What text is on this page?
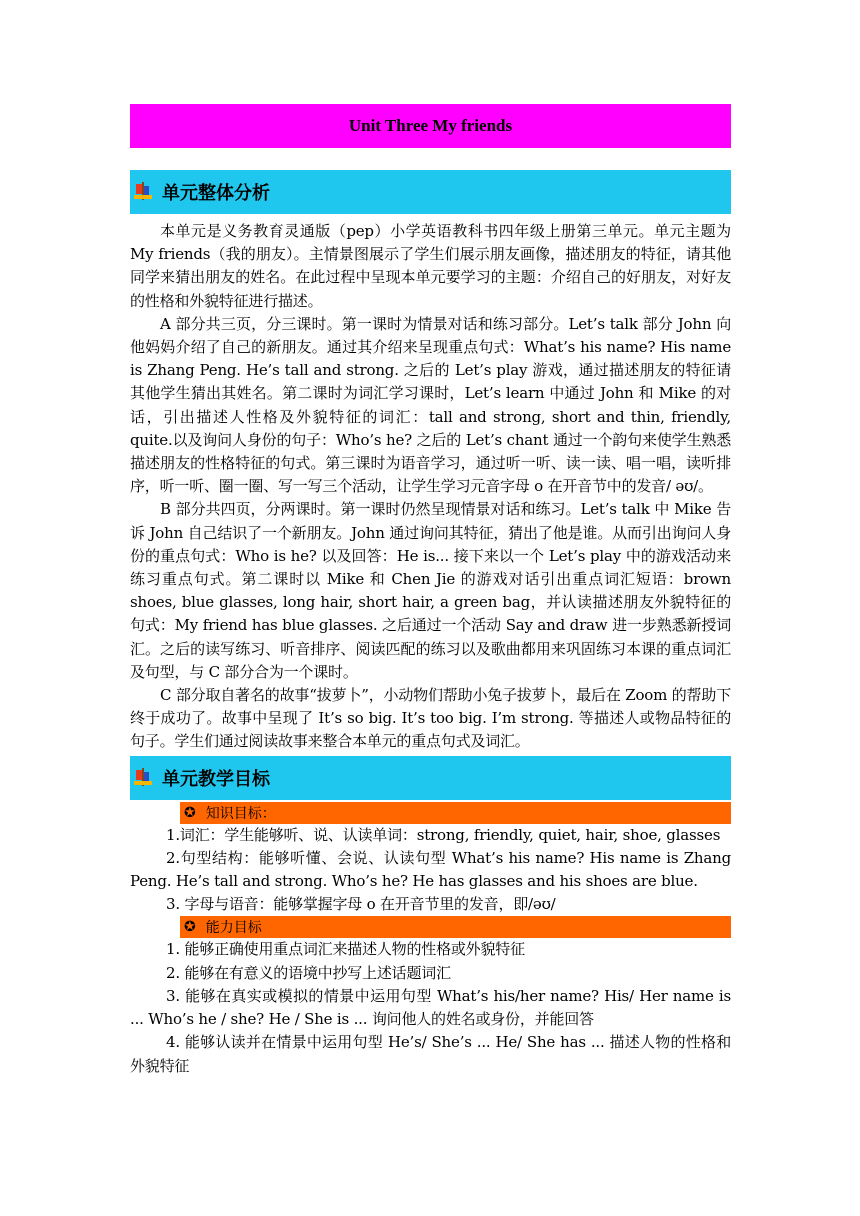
Unit Three My friends
单元整体分析

本单元是义务教育灵通版（pep）小学英语教科书四年级上册第三单元。单元主题为 My friends（我的朋友）。主情景图展示了学生们展示朋友画像，描述朋友的特征，请其他同学来猜出朋友的姓名。在此过程中呈现本单元要学习的主题：介绍自己的好朋友，对好友的性格和外貌特征进行描述。

A 部分共三页，分三课时。第一课时为情景对话和练习部分。Let’s talk 部分 John 向他妈妈介绍了自己的新朋友。通过其介绍来呈现重点句式：What’s his name? His name is Zhang Peng. He’s tall and strong. 之后的 Let’s play 游戏，通过描述朋友的特征请其他学生猜出其姓名。第二课时为词汇学习课时，Let’s learn 中通过 John 和 Mike 的对话，引出描述人性格及外貌特征的词汇：tall and strong, short and thin, friendly, quite.以及询问人身份的句子：Who’s he? 之后的 Let’s chant 通过一个韵句来使学生熟悉描述朋友的性格特征的句式。第三课时为语音学习，通过听一听、读一读、唱一唱，读听排序，听一听、圈一圈、写一写三个活动，让学生学习元音字母 o 在开音节中的发音/ əʊ/。

B 部分共四页，分两课时。第一课时仍然呈现情景对话和练习。Let’s talk 中 Mike 告诉 John 自己结识了一个新朋友。John 通过询问其特征，猜出了他是谁。从而引出询问人身份的重点句式：Who is he? 以及回答：He is... 接下来以一个 Let’s play 中的游戏活动来练习重点句式。第二课时以 Mike 和 Chen Jie 的游戏对话引出重点词汇短语：brown shoes, blue glasses, long hair, short hair, a green bag，并认读描述朋友外貌特征的句式：My friend has blue glasses. 之后通过一个活动 Say and draw 进一步熟悉新授词汇。之后的读写练习、听音排序、阅读匹配的练习以及歌曲都用来巩固练习本课的重点词汇及句型，与 C 部分合为一个课时。

C 部分取自著名的故事“拔萝卜”，小动物们帮助小兔子拔萝卜，最后在 Zoom 的帮助下终于成功了。故事中呈现了 It’s so big. It’s too big. I’m strong. 等描述人或物品特征的句子。学生们通过阅读故事来整合本单元的重点句式及词汇。

单元教学目标
✪ 知识目标：

1.词汇：学生能够听、说、认读单词：strong, friendly, quiet, hair, shoe, glasses

2.句型结构：能够听懂、会说、认读句型 What’s his name? His name is Zhang Peng. He’s tall and strong. Who’s he? He has glasses and his shoes are blue.

3. 字母与语音：能够掌握字母 o 在开音节里的发音，即/əʊ/

✪ 能力目标

1. 能够正确使用重点词汇来描述人物的性格或外貌特征

2. 能够在有意义的语境中抄写上述话题词汇

3. 能够在真实或模拟的情景中运用句型 What’s his/her name? His/ Her name is ... Who’s he / she? He / She is ... 询问他人的姓名或身份，并能回答

4. 能够认读并在情景中运用句型 He’s/ She’s ... He/ She has ... 描述人物的性格和外貌特征
